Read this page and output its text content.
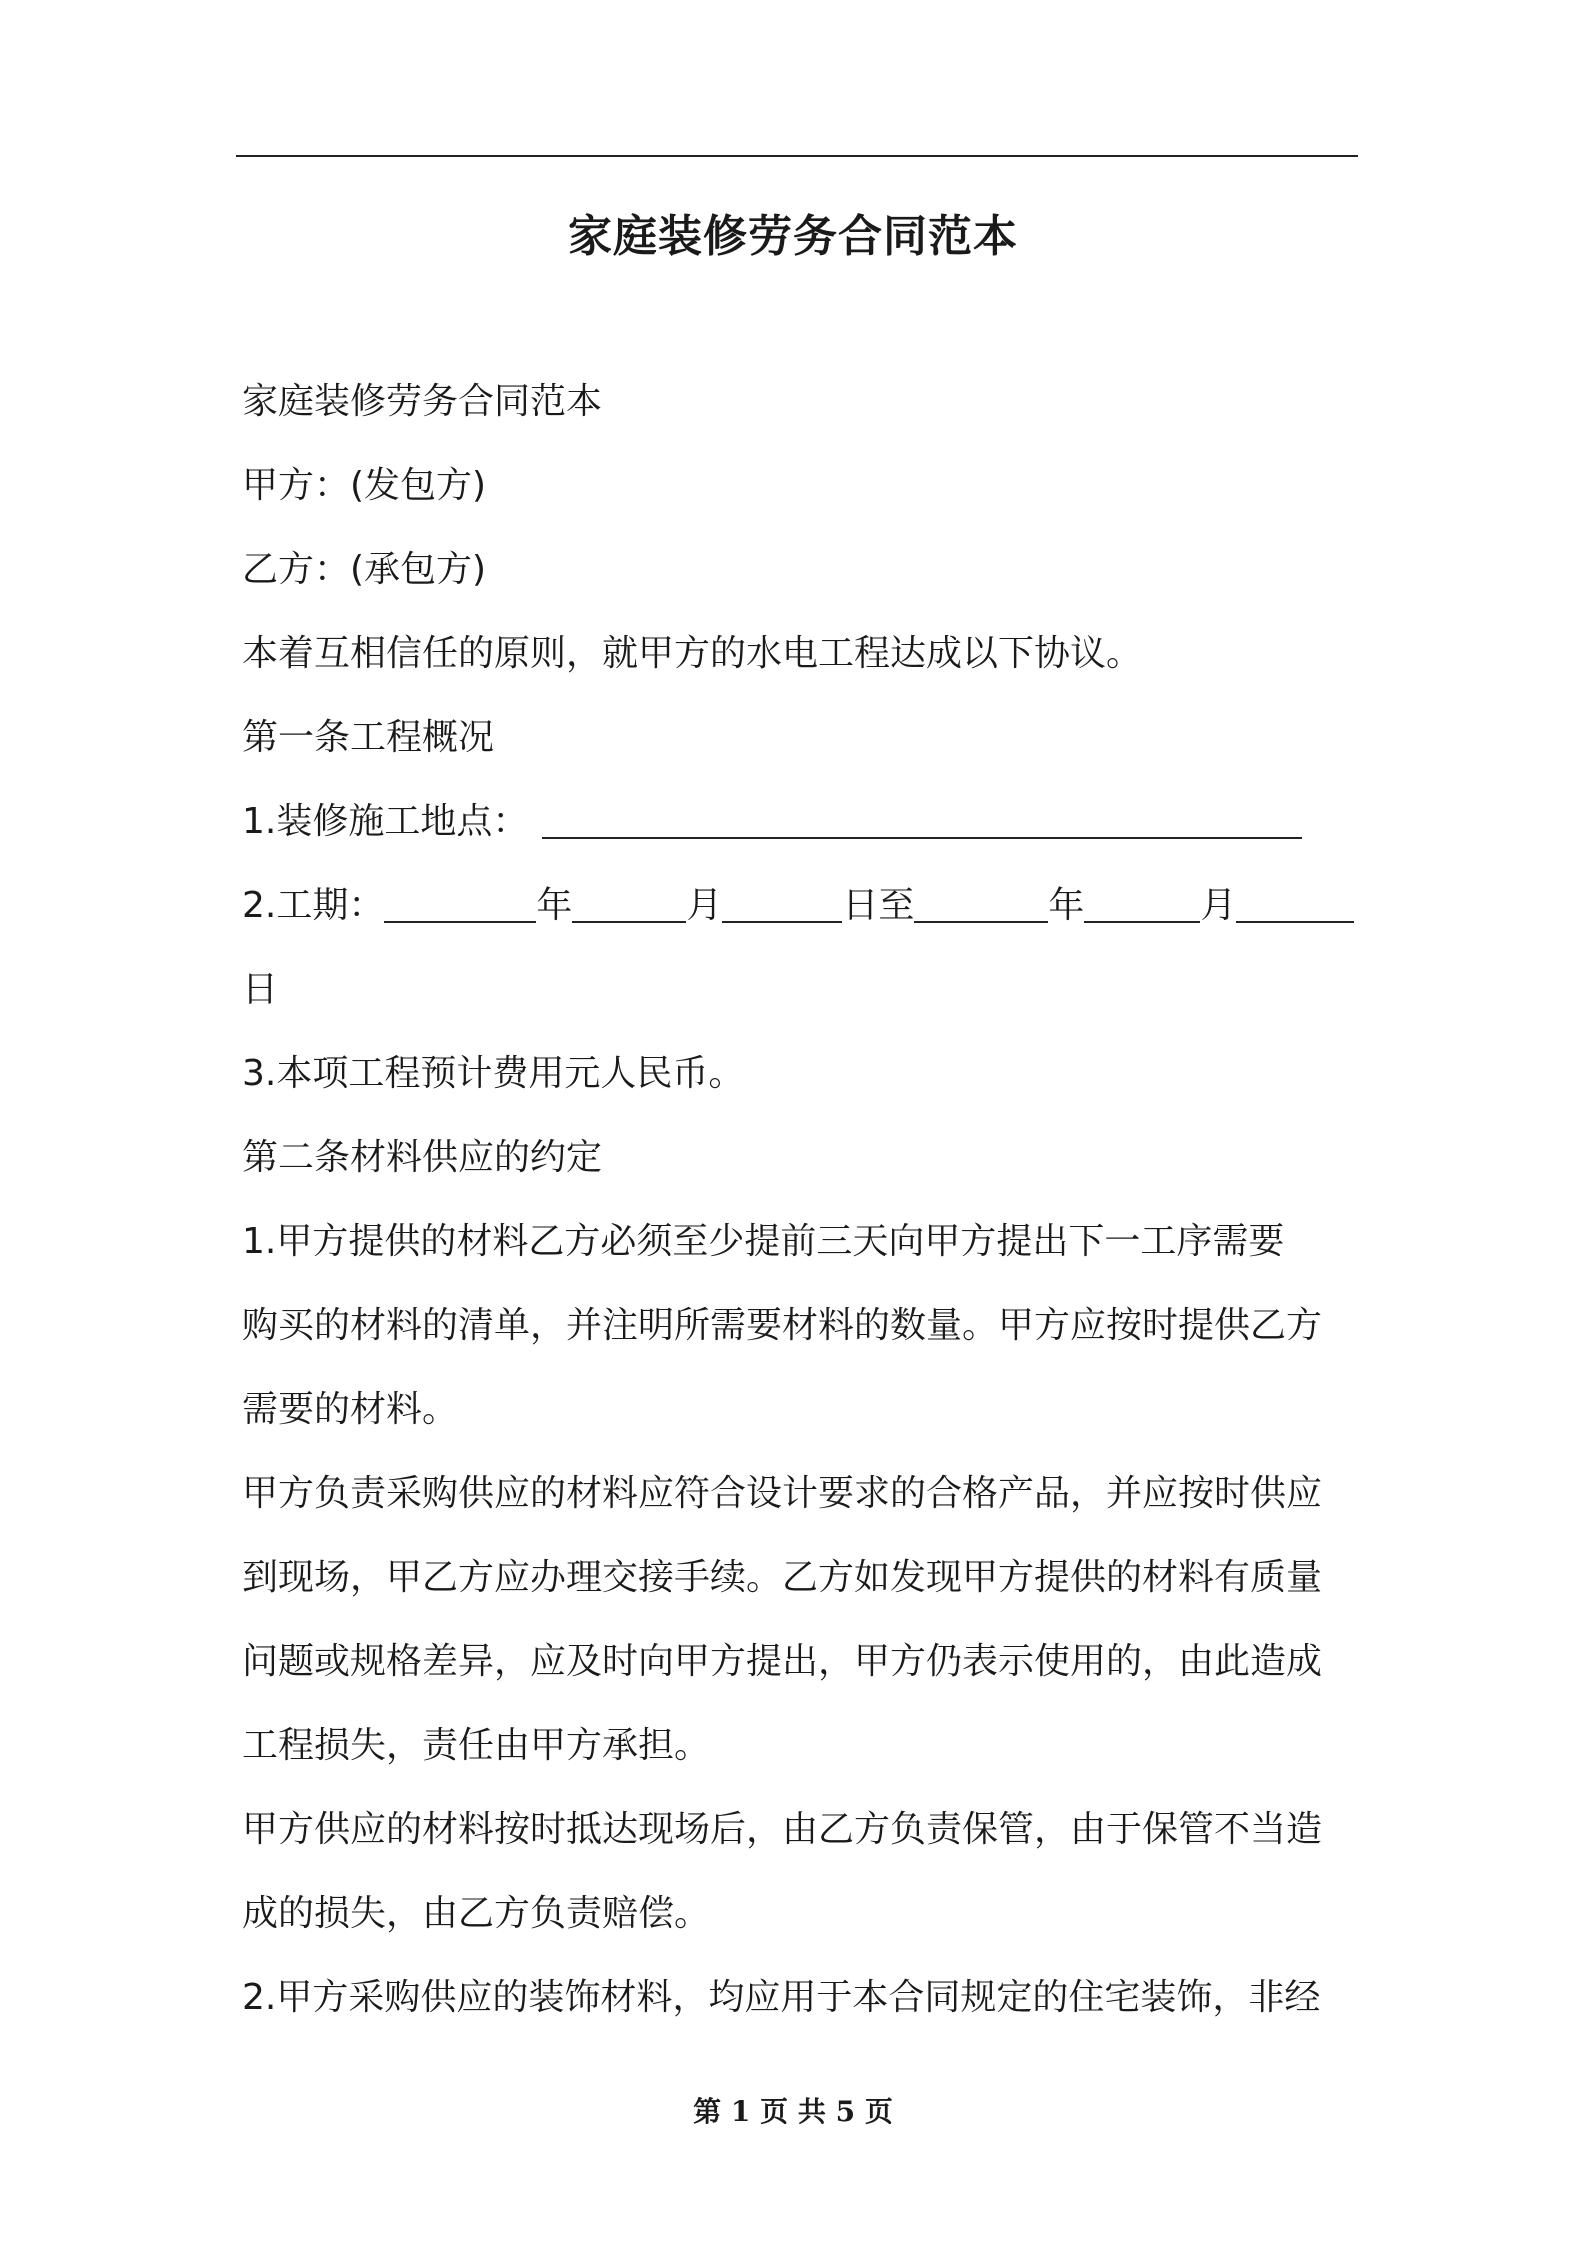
家庭装修劳务合同范本

家庭装修劳务合同范本

甲方：(发包方)

乙方：(承包方)

本着互相信任的原则，就甲方的水电工程达成以下协议。

第一条工程概况

1.装修施工地点：

2.工期：	年	月	日至	年	月

日

3.本项工程预计费用元人民币。

第二条材料供应的约定

1.甲方提供的材料乙方必须至少提前三天向甲方提出下一工序需要

购买的材料的清单，并注明所需要材料的数量。甲方应按时提供乙方

需要的材料。

甲方负责采购供应的材料应符合设计要求的合格产品，并应按时供应

到现场，甲乙方应办理交接手续。乙方如发现甲方提供的材料有质量

问题或规格差异，应及时向甲方提出，甲方仍表示使用的，由此造成

工程损失，责任由甲方承担。

甲方供应的材料按时抵达现场后，由乙方负责保管，由于保管不当造

成的损失，由乙方负责赔偿。

2.甲方采购供应的装饰材料，均应用于本合同规定的住宅装饰，非经

第 1 页 共 5 页
